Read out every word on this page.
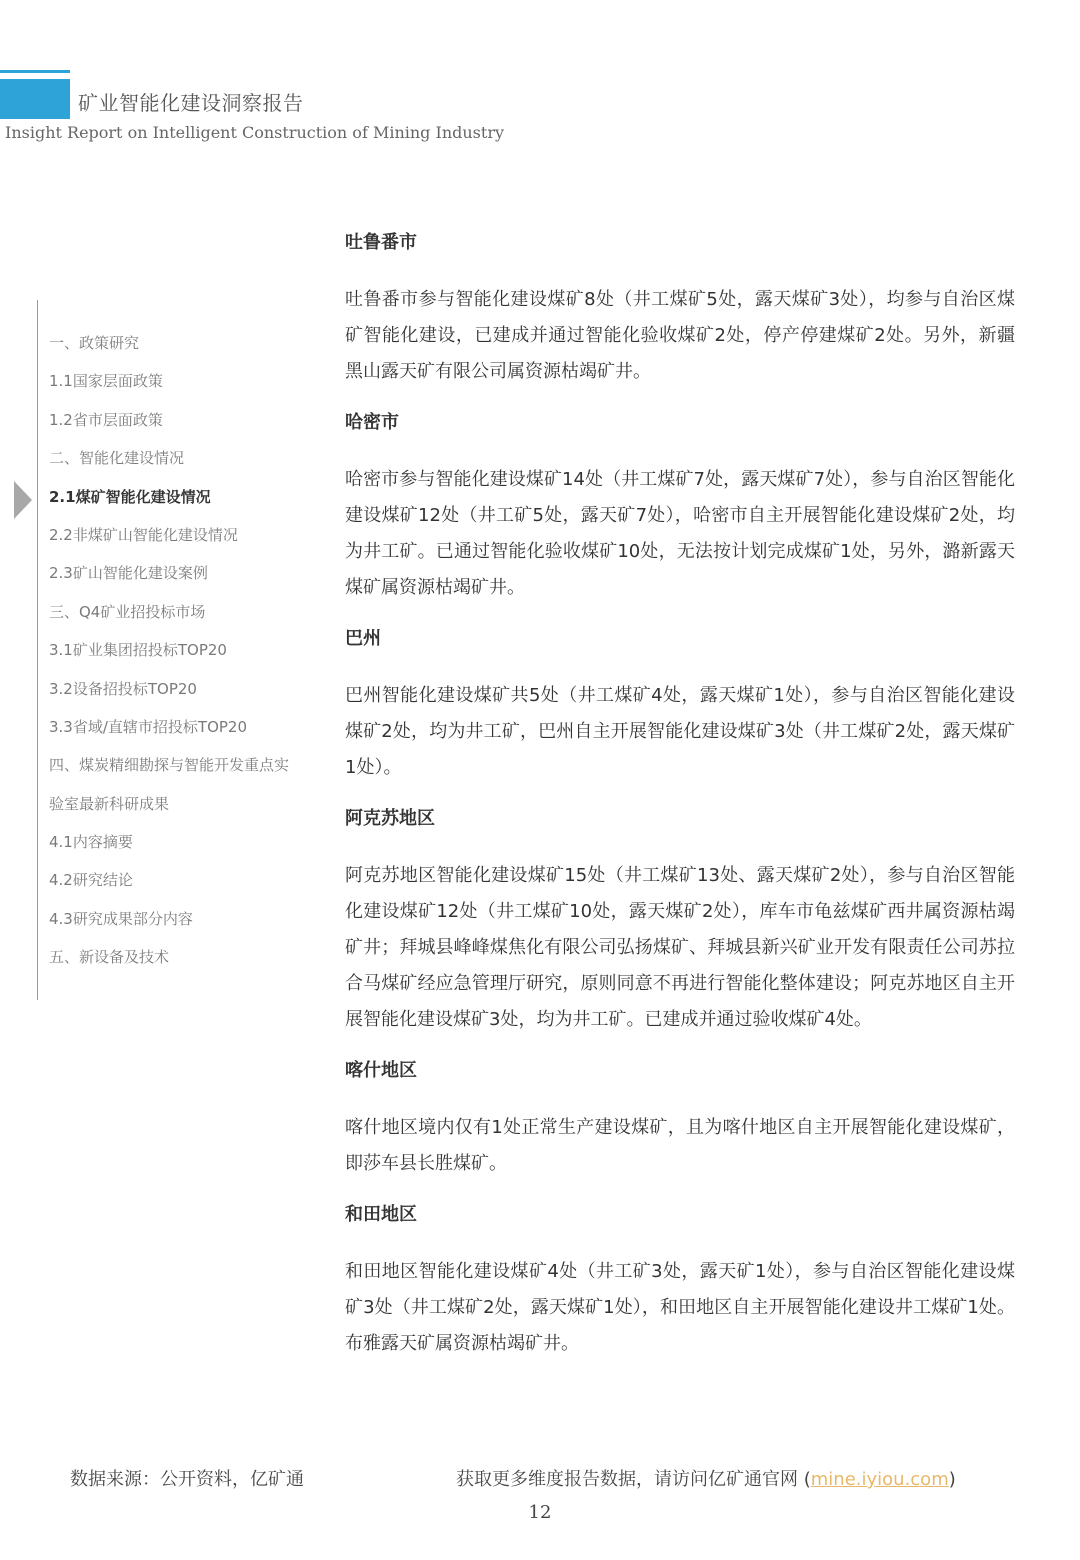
矿业智能化建设洞察报告
Insight Report on Intelligent Construction of Mining Industry
一、政策研究
1.1国家层面政策
1.2省市层面政策
二、智能化建设情况
2.1煤矿智能化建设情况
2.2非煤矿山智能化建设情况
2.3矿山智能化建设案例
三、Q4矿业招投标市场
3.1矿业集团招投标TOP20
3.2设备招投标TOP20
3.3省域/直辖市招投标TOP20
四、煤炭精细勘探与智能开发重点实
验室最新科研成果
4.1内容摘要
4.2研究结论
4.3研究成果部分内容
五、新设备及技术
吐鲁番市

吐鲁番市参与智能化建设煤矿8处（井工煤矿5处，露天煤矿3处），均参与自治区煤矿智能化建设，已建成并通过智能化验收煤矿2处，停产停建煤矿2处。另外，新疆黑山露天矿有限公司属资源枯竭矿井。

哈密市

哈密市参与智能化建设煤矿14处（井工煤矿7处，露天煤矿7处），参与自治区智能化建设煤矿12处（井工矿5处，露天矿7处），哈密市自主开展智能化建设煤矿2处，均为井工矿。已通过智能化验收煤矿10处，无法按计划完成煤矿1处，另外，潞新露天煤矿属资源枯竭矿井。

巴州

巴州智能化建设煤矿共5处（井工煤矿4处，露天煤矿1处），参与自治区智能化建设煤矿2处，均为井工矿，巴州自主开展智能化建设煤矿3处（井工煤矿2处，露天煤矿1处）。

阿克苏地区

阿克苏地区智能化建设煤矿15处（井工煤矿13处、露天煤矿2处），参与自治区智能化建设煤矿12处（井工煤矿10处，露天煤矿2处），库车市龟兹煤矿西井属资源枯竭矿井；拜城县峰峰煤焦化有限公司弘扬煤矿、拜城县新兴矿业开发有限责任公司苏拉合马煤矿经应急管理厅研究，原则同意不再进行智能化整体建设；阿克苏地区自主开展智能化建设煤矿3处，均为井工矿。已建成并通过验收煤矿4处。

喀什地区

喀什地区境内仅有1处正常生产建设煤矿，且为喀什地区自主开展智能化建设煤矿，即莎车县长胜煤矿。

和田地区

和田地区智能化建设煤矿4处（井工矿3处，露天矿1处），参与自治区智能化建设煤矿3处（井工煤矿2处，露天煤矿1处），和田地区自主开展智能化建设井工煤矿1处。布雅露天矿属资源枯竭矿井。

数据来源：公开资料，亿矿通	获取更多维度报告数据，请访问亿矿通官网 (mine.iyiou.com)
12
